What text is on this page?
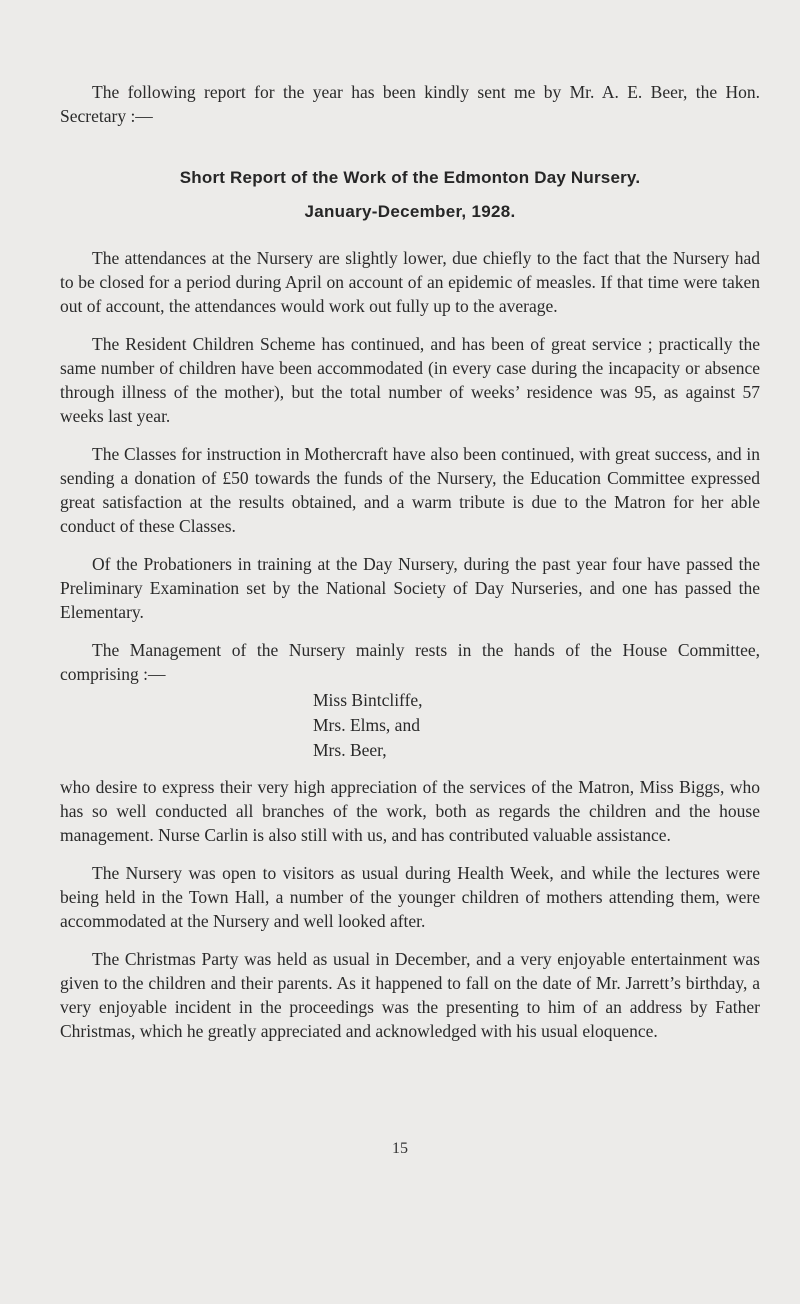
The following report for the year has been kindly sent me by Mr. A. E. Beer, the Hon. Secretary :—

Short Report of the Work of the Edmonton Day Nursery.
January-December, 1928.

The attendances at the Nursery are slightly lower, due chiefly to the fact that the Nursery had to be closed for a period during April on account of an epidemic of measles. If that time were taken out of account, the attendances would work out fully up to the average.

The Resident Children Scheme has continued, and has been of great service ; practically the same number of children have been accommodated (in every case during the incapacity or absence through illness of the mother), but the total number of weeks’ residence was 95, as against 57 weeks last year.

The Classes for instruction in Mothercraft have also been continued, with great success, and in sending a donation of £50 towards the funds of the Nursery, the Education Committee expressed great satisfaction at the results obtained, and a warm tribute is due to the Matron for her able conduct of these Classes.

Of the Probationers in training at the Day Nursery, during the past year four have passed the Preliminary Examination set by the National Society of Day Nurseries, and one has passed the Elementary.

The Management of the Nursery mainly rests in the hands of the House Committee, comprising :—

Miss Bintcliffe,
Mrs. Elms, and
Mrs. Beer,

who desire to express their very high appreciation of the services of the Matron, Miss Biggs, who has so well conducted all branches of the work, both as regards the children and the house management. Nurse Carlin is also still with us, and has contributed valuable assistance.

The Nursery was open to visitors as usual during Health Week, and while the lectures were being held in the Town Hall, a number of the younger children of mothers attending them, were accommodated at the Nursery and well looked after.

The Christmas Party was held as usual in December, and a very enjoyable entertainment was given to the children and their parents. As it happened to fall on the date of Mr. Jarrett’s birthday, a very enjoyable incident in the proceedings was the presenting to him of an address by Father Christmas, which he greatly appreciated and acknowledged with his usual eloquence.

15
